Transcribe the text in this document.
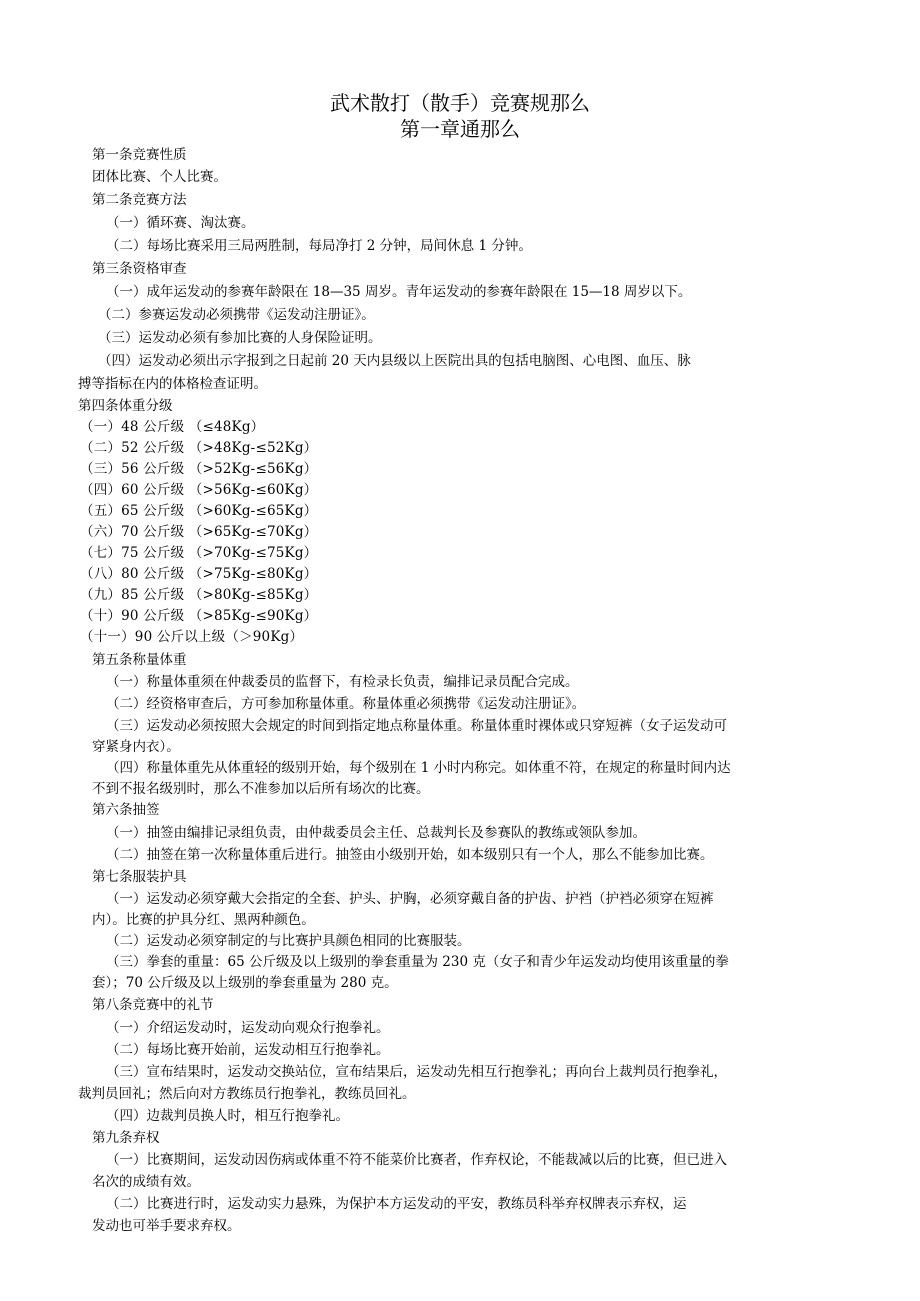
武术散打（散手）竞赛规那么
第一章通那么
第一条竞赛性质
团体比赛、个人比赛。
第二条竞赛方法
（一）循环赛、淘汰赛。
（二）每场比赛采用三局两胜制，每局净打 2 分钟，局间休息 1 分钟。
第三条资格审查
（一）成年运发动的参赛年龄限在 18—35 周岁。青年运发动的参赛年龄限在 15—18 周岁以下。
（二）参赛运发动必须携带《运发动注册证》。
（三）运发动必须有参加比赛的人身保险证明。
（四）运发动必须出示字报到之日起前 20 天内县级以上医院出具的包括电脑图、心电图、血压、脉
搏等指标在内的体格检查证明。
第四条体重分级
（一）48 公斤级 （≤48Kg）
（二）52 公斤级 （>48Kg-≤52Kg）
（三）56 公斤级 （>52Kg-≤56Kg）
（四）60 公斤级 （>56Kg-≤60Kg）
（五）65 公斤级 （>60Kg-≤65Kg）
（六）70 公斤级 （>65Kg-≤70Kg）
（七）75 公斤级 （>70Kg-≤75Kg）
（八）80 公斤级 （>75Kg-≤80Kg）
（九）85 公斤级 （>80Kg-≤85Kg）
（十）90 公斤级 （>85Kg-≤90Kg）
（十一）90 公斤以上级（＞90Kg）
第五条称量体重
（一）称量体重须在仲裁委员的监督下，有检录长负责，编排记录员配合完成。
（二）经资格审查后，方可参加称量体重。称量体重必须携带《运发动注册证》。
（三）运发动必须按照大会规定的时间到指定地点称量体重。称量体重时裸体或只穿短裤（女子运发动可
穿紧身内衣）。
（四）称量体重先从体重轻的级别开始，每个级别在 1 小时内称完。如体重不符，在规定的称量时间内达
不到不报名级别时，那么不准参加以后所有场次的比赛。
第六条抽签
（一）抽签由编排记录组负责，由仲裁委员会主任、总裁判长及参赛队的教练或领队参加。
（二）抽签在第一次称量体重后进行。抽签由小级别开始，如本级别只有一个人，那么不能参加比赛。
第七条服装护具
（一）运发动必须穿戴大会指定的全套、护头、护胸，必须穿戴自备的护齿、护裆（护裆必须穿在短裤
内）。比赛的护具分红、黑两种颜色。
（二）运发动必须穿制定的与比赛护具颜色相同的比赛服装。
（三）拳套的重量：65 公斤级及以上级别的拳套重量为 230 克（女子和青少年运发动均使用该重量的拳
套）；70 公斤级及以上级别的拳套重量为 280 克。
第八条竞赛中的礼节
（一）介绍运发动时，运发动向观众行抱拳礼。
（二）每场比赛开始前，运发动相互行抱拳礼。
（三）宣布结果时，运发动交换站位，宣布结果后，运发动先相互行抱拳礼；再向台上裁判员行抱拳礼，
裁判员回礼；然后向对方教练员行抱拳礼，教练员回礼。
（四）边裁判员换人时，相互行抱拳礼。
第九条弃权
（一）比赛期间，运发动因伤病或体重不符不能菜价比赛者，作弃权论，不能裁减以后的比赛，但已进入
名次的成绩有效。
（二）比赛进行时，运发动实力悬殊，为保护本方运发动的平安，教练员科举弃权牌表示弃权，运
发动也可举手要求弃权。
